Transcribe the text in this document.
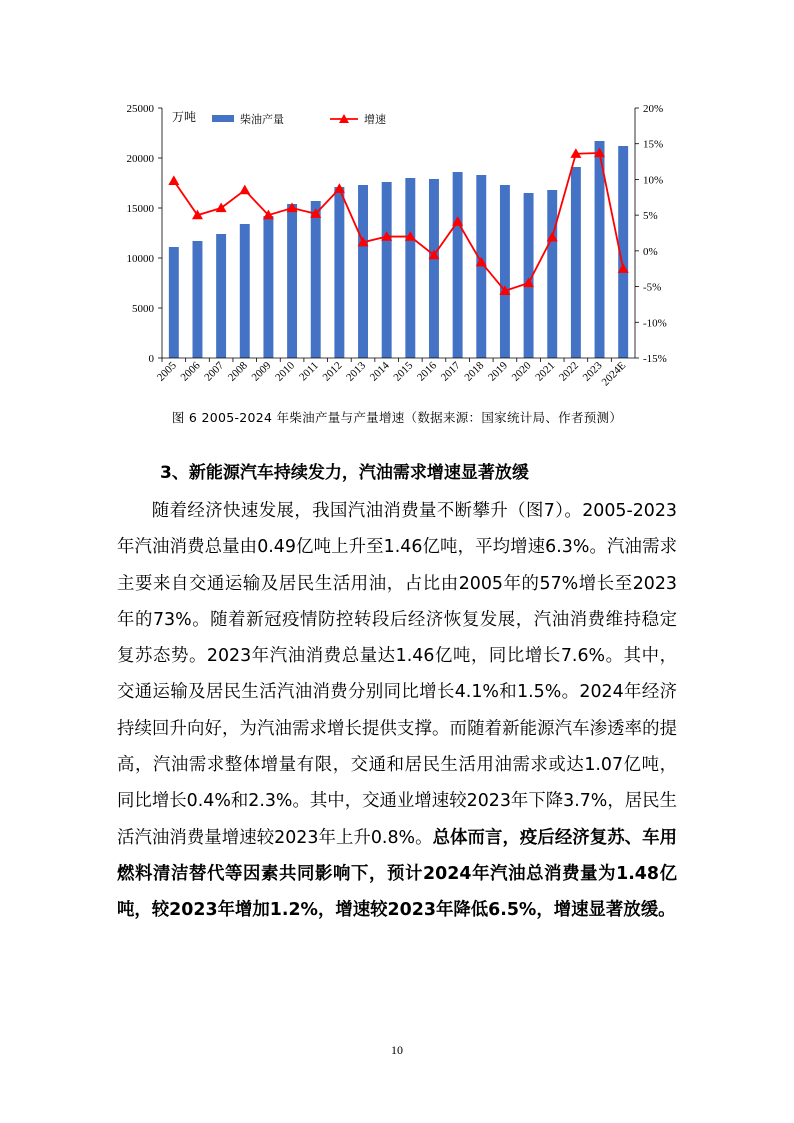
0
5000
10000
15000
20000
25000
-15%
-10%
-5%
0%
5%
10%
15%
20%
万吨
2005 2006 2007 2008 2009 2010 2011 2012 2013 2014 2015 2016 2017 2018 2019 2020 2021 2022 2023
2024E
柴油产量	增速
图 6 2005-2024 年柴油产量与产量增速（数据来源：国家统计局、作者预测）
3、新能源汽车持续发力，汽油需求增速显著放缓

随着经济快速发展，我国汽油消费量不断攀升（图7）。2005-2023年汽油消费总量由0.49亿吨上升至1.46亿吨，平均增速6.3%。汽油需求主要来自交通运输及居民生活用油，占比由2005年的57%增长至2023年的73%。随着新冠疫情防控转段后经济恢复发展，汽油消费维持稳定复苏态势。2023年汽油消费总量达1.46亿吨，同比增长7.6%。其中，交通运输及居民生活汽油消费分别同比增长4.1%和1.5%。2024年经济持续回升向好，为汽油需求增长提供支撑。而随着新能源汽车渗透率的提高，汽油需求整体增量有限，交通和居民生活用油需求或达1.07亿吨，同比增长0.4%和2.3%。其中，交通业增速较2023年下降3.7%，居民生活汽油消费量增速较2023年上升0.8%。总体而言，疫后经济复苏、车用燃料清洁替代等因素共同影响下，预计2024年汽油总消费量为1.48亿吨，较2023年增加1.2%，增速较2023年降低6.5%，增速显著放缓。

10
